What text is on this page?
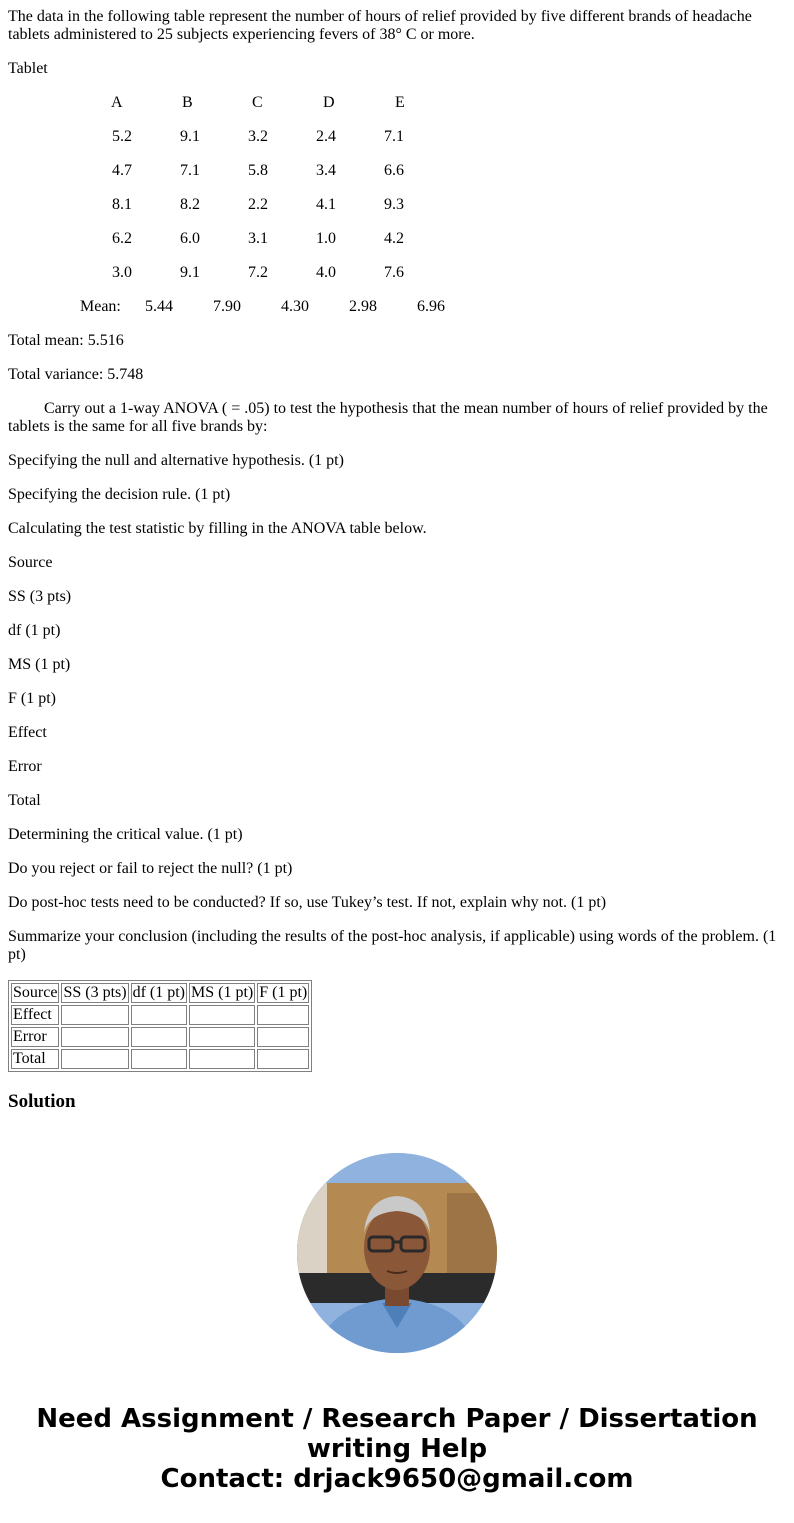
The data in the following table represent the number of hours of relief provided by five different brands of headache tablets administered to 25 subjects experiencing fevers of 38° C or more.

Tablet

A	B	C	D	E
5.2	9.1	3.2	2.4	7.1
4.7	7.1	5.8	3.4	6.6
8.1	8.2	2.2	4.1	9.3
6.2	6.0	3.1	1.0	4.2
3.0	9.1	7.2	4.0	7.6
Mean: 5.44	7.90	4.30	2.98	6.96

Total mean: 5.516

Total variance: 5.748

Carry out a 1-way ANOVA ( = .05) to test the hypothesis that the mean number of hours of relief provided by the tablets is the same for all five brands by:

Specifying the null and alternative hypothesis. (1 pt)

Specifying the decision rule. (1 pt)

Calculating the test statistic by filling in the ANOVA table below.

Source

SS (3 pts)

df (1 pt)

MS (1 pt)

F (1 pt)

Effect

Error

Total

Determining the critical value. (1 pt)

Do you reject or fail to reject the null? (1 pt)

Do post-hoc tests need to be conducted? If so, use Tukey’s test. If not, explain why not. (1 pt)

Summarize your conclusion (including the results of the post-hoc analysis, if applicable) using words of the problem. (1 pt)

Source	SS (3 pts)	df (1 pt)	MS (1 pt)	F (1 pt)
Effect				
Error				
Total				
Solution
Need Assignment / Research Paper / Dissertation
writing Help
Contact: drjack9650@gmail.com
